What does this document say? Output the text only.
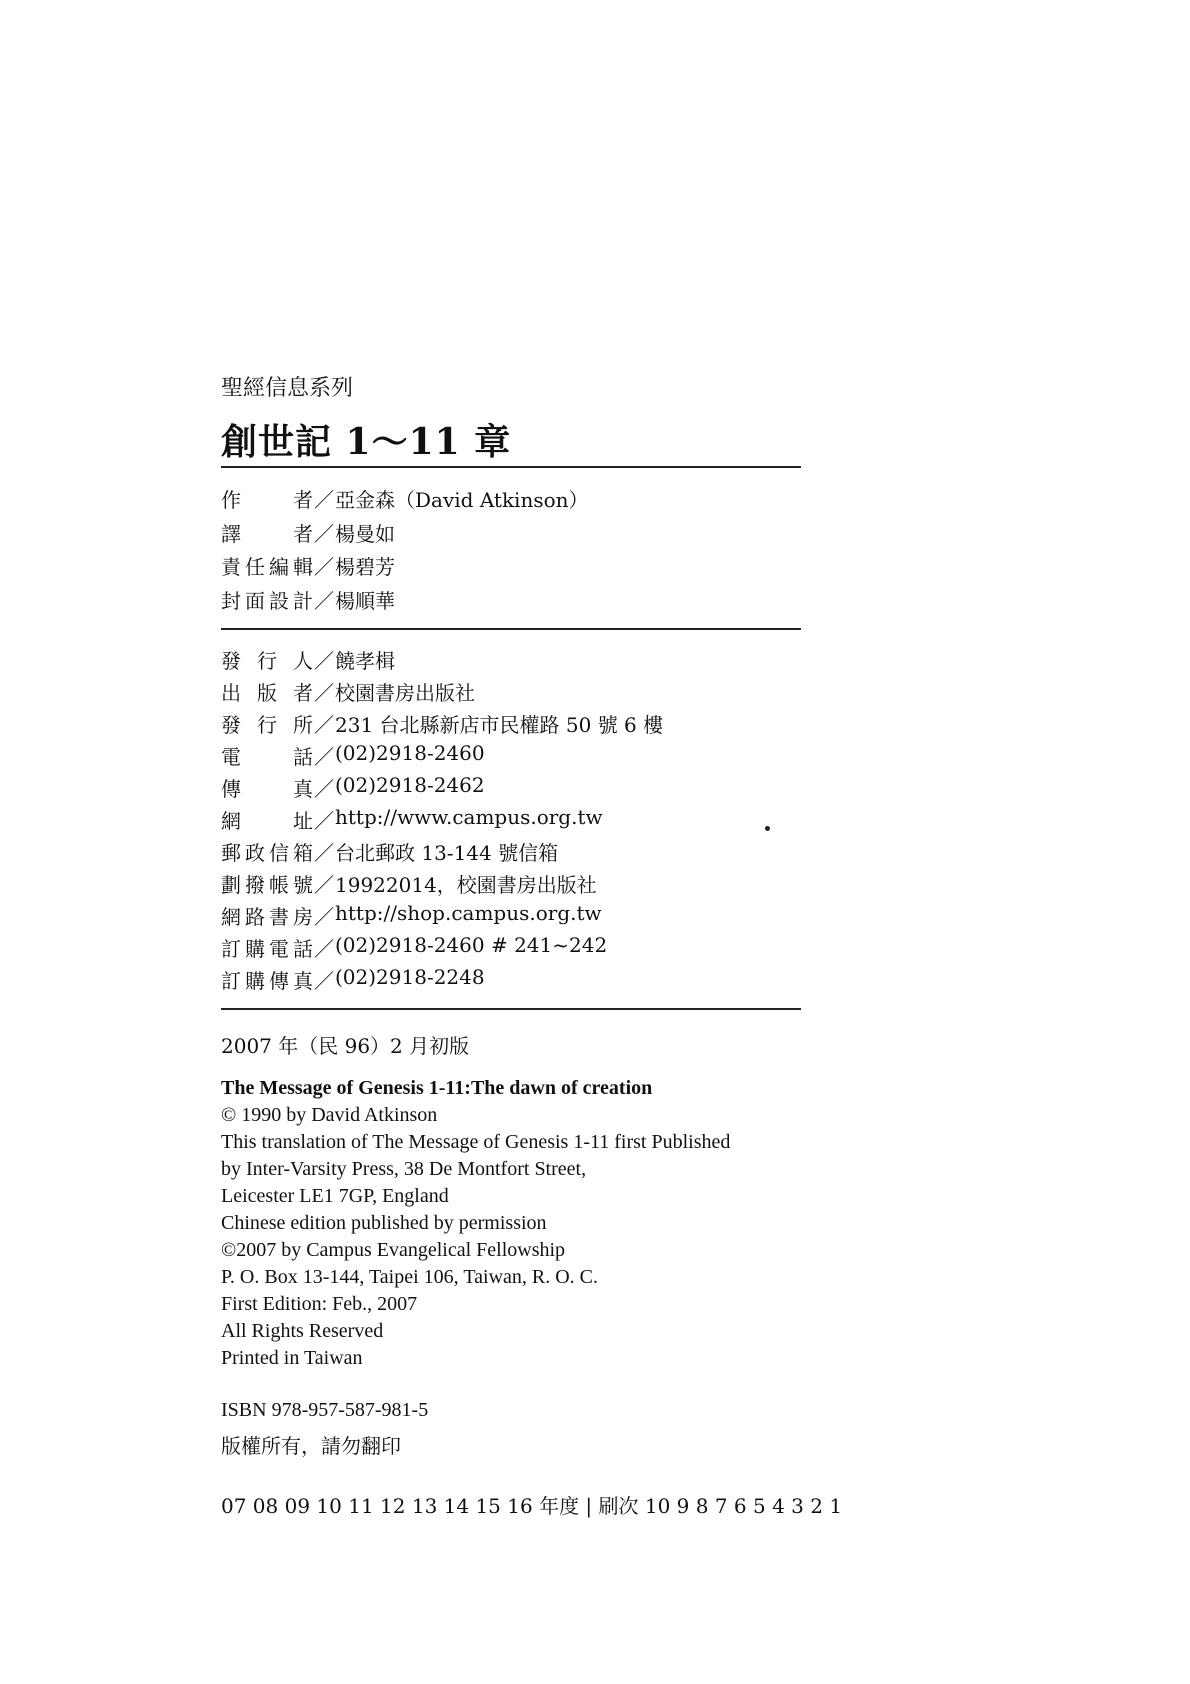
聖經信息系列
創世記 1～11 章
作者 ／ 亞金森（David Atkinson）
譯者 ／ 楊曼如
責任編輯 ／ 楊碧芳
封面設計 ／ 楊順華
發行人 ／ 饒孝楫
出版者 ／ 校園書房出版社
發行所 ／ 231 台北縣新店市民權路 50 號 6 樓
電話 ／ (02)2918-2460
傳真 ／ (02)2918-2462
網址 ／ http://www.campus.org.tw
郵政信箱 ／ 台北郵政 13-144 號信箱
劃撥帳號 ／ 19922014，校園書房出版社
網路書房 ／ http://shop.campus.org.tw
訂購電話 ／ (02)2918-2460 # 241~242
訂購傳真 ／ (02)2918-2248
2007 年（民 96）2 月初版
The Message of Genesis 1-11:The dawn of creation
© 1990 by David Atkinson
This translation of The Message of Genesis 1-11 first Published
by Inter-Varsity Press, 38 De Montfort Street,
Leicester LE1 7GP, England
Chinese edition published by permission
©2007 by Campus Evangelical Fellowship
P. O. Box 13-144, Taipei 106, Taiwan, R. O. C.
First Edition: Feb., 2007
All Rights Reserved
Printed in Taiwan
ISBN 978-957-587-981-5
版權所有，請勿翻印
07 08 09 10 11 12 13 14 15 16 年度 | 刷次 10 9 8 7 6 5 4 3 2 1
